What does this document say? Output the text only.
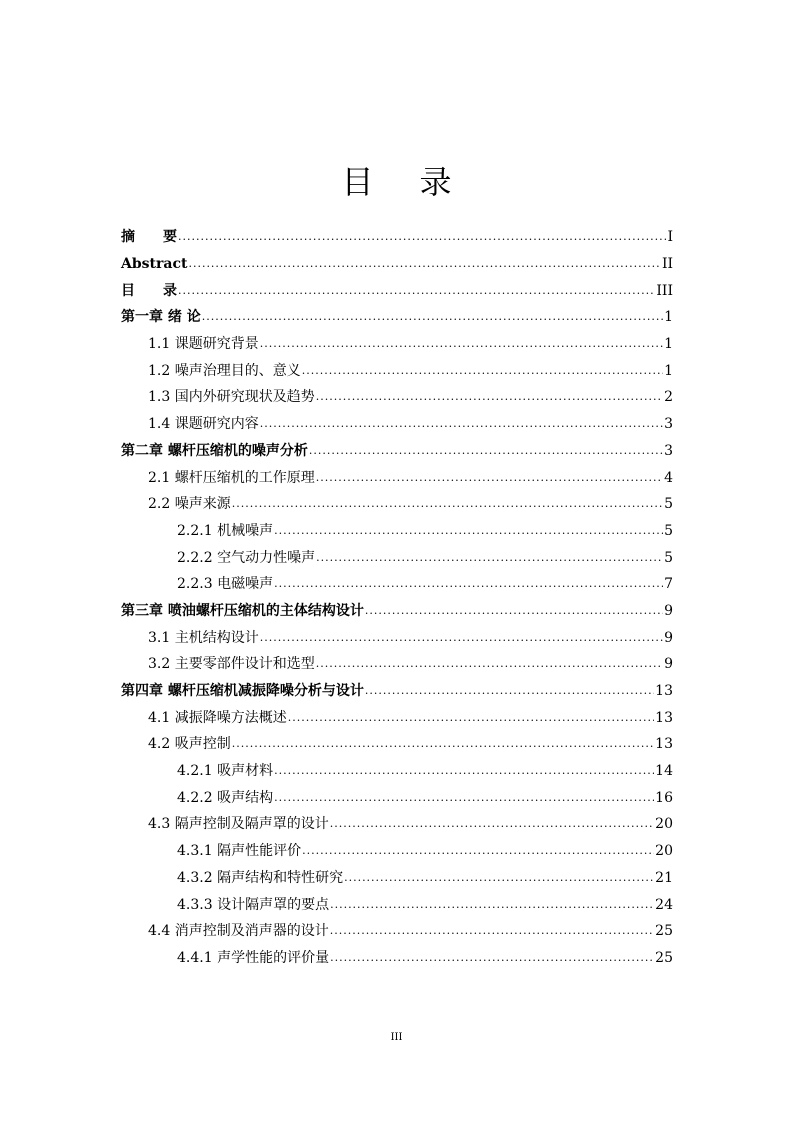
目录
摘要 .....	I
Abstract .....	II
目录 .....	III
第一章 绪 论 .....	1
1.1 课题研究背景 .....	1
1.2 噪声治理目的、意义 .....	1
1.3 国内外研究现状及趋势 .....	2
1.4 课题研究内容 .....	3
第二章 螺杆压缩机的噪声分析 .....	3
2.1 螺杆压缩机的工作原理 .....	4
2.2 噪声来源 .....	5
2.2.1 机械噪声 .....	5
2.2.2 空气动力性噪声 .....	5
2.2.3 电磁噪声 .....	7
第三章 喷油螺杆压缩机的主体结构设计 .....	9
3.1 主机结构设计 .....	9
3.2 主要零部件设计和选型 .....	9
第四章 螺杆压缩机减振降噪分析与设计 .....	13
4.1 减振降噪方法概述 .....	13
4.2 吸声控制 .....	13
4.2.1 吸声材料 .....	14
4.2.2 吸声结构 .....	16
4.3 隔声控制及隔声罩的设计 .....	20
4.3.1 隔声性能评价 .....	20
4.3.2 隔声结构和特性研究 .....	21
4.3.3 设计隔声罩的要点 .....	24
4.4 消声控制及消声器的设计 .....	25
4.4.1 声学性能的评价量 .....	25
III
